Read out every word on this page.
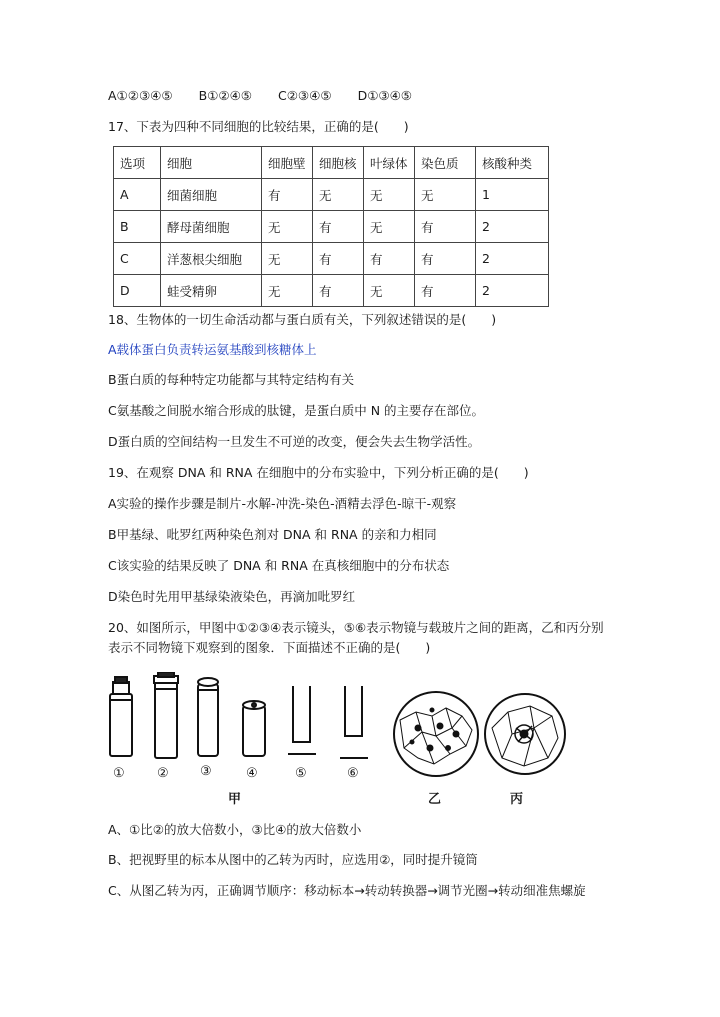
A①②③④⑤ B①②④⑤ C②③④⑤ D①③④⑤
17、下表为四种不同细胞的比较结果，正确的是(　　)
选项	细胞	细胞壁	细胞核	叶绿体	染色质	核酸种类
A	细菌细胞	有	无	无	无	1
B	酵母菌细胞	无	有	无	有	2
C	洋葱根尖细胞	无	有	有	有	2
D	蛙受精卵	无	有	无	有	2
18、生物体的一切生命活动都与蛋白质有关，下列叙述错误的是(　　)
A载体蛋白负责转运氨基酸到核糖体上
B蛋白质的每种特定功能都与其特定结构有关
C氨基酸之间脱水缩合形成的肽键，是蛋白质中 N 的主要存在部位。
D蛋白质的空间结构一旦发生不可逆的改变，便会失去生物学活性。
19、在观察 DNA 和 RNA 在细胞中的分布实验中，下列分析正确的是(　　)
A实验的操作步骤是制片-水解-冲洗-染色-酒精去浮色-晾干-观察
B甲基绿、吡罗红两种染色剂对 DNA 和 RNA 的亲和力相同
C该实验的结果反映了 DNA 和 RNA 在真核细胞中的分布状态
D染色时先用甲基绿染液染色，再滴加吡罗红
20、如图所示，甲图中①②③④表示镜头，⑤⑥表示物镜与载玻片之间的距离，乙和丙分别
表示不同物镜下观察到的图象．下面描述不正确的是(　　)
① ② ③	④	⑤	⑥
甲	乙	丙
A、①比②的放大倍数小，③比④的放大倍数小
B、把视野里的标本从图中的乙转为丙时，应选用②，同时提升镜筒
C、从图乙转为丙，正确调节顺序：移动标本→转动转换器→调节光圈→转动细准焦螺旋
